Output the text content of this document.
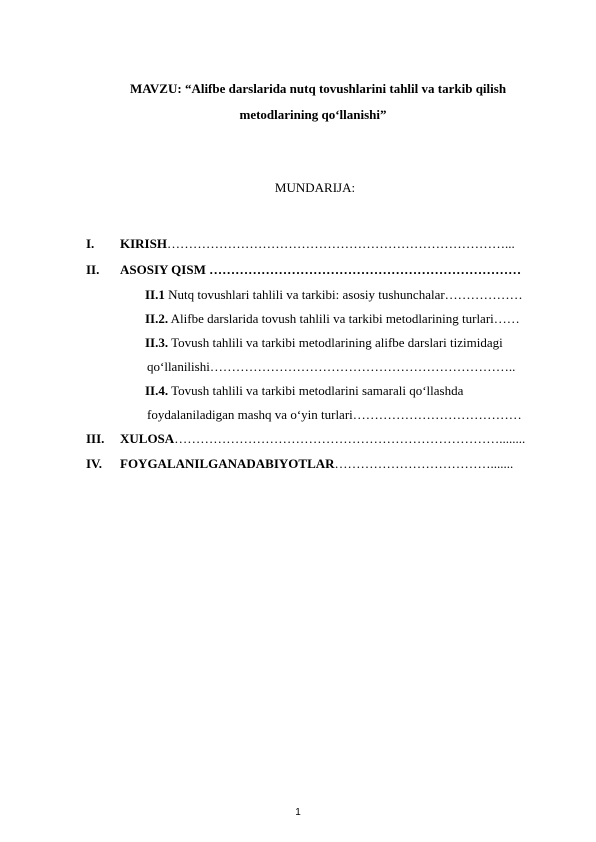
MAVZU: “Alifbe darslarida nutq tovushlarini tahlil va tarkib qilish
metodlarining qo‘llanishi”
MUNDARIJA:
I. KIRISH……………………………………………………………………...
II. ASOSIY QISM ………………………………………………………………
II.1 Nutq tovushlari tahlili va tarkibi: asosiy tushunchalar………………
II.2. Alifbe darslarida tovush tahlili va tarkibi metodlarining turlari……
II.3. Tovush tahlili va tarkibi metodlarining alifbe darslari tizimidagi
qo‘llanilishi……………………………………………………………..
II.4. Tovush tahlili va tarkibi metodlarini samarali qo‘llashda
foydalaniladigan mashq va o‘yin turlari…………………………………
III. XULOSA…………………………………………………………………........
IV. FOYGALANILGANADABIYOTLAR……………………………….......
1
